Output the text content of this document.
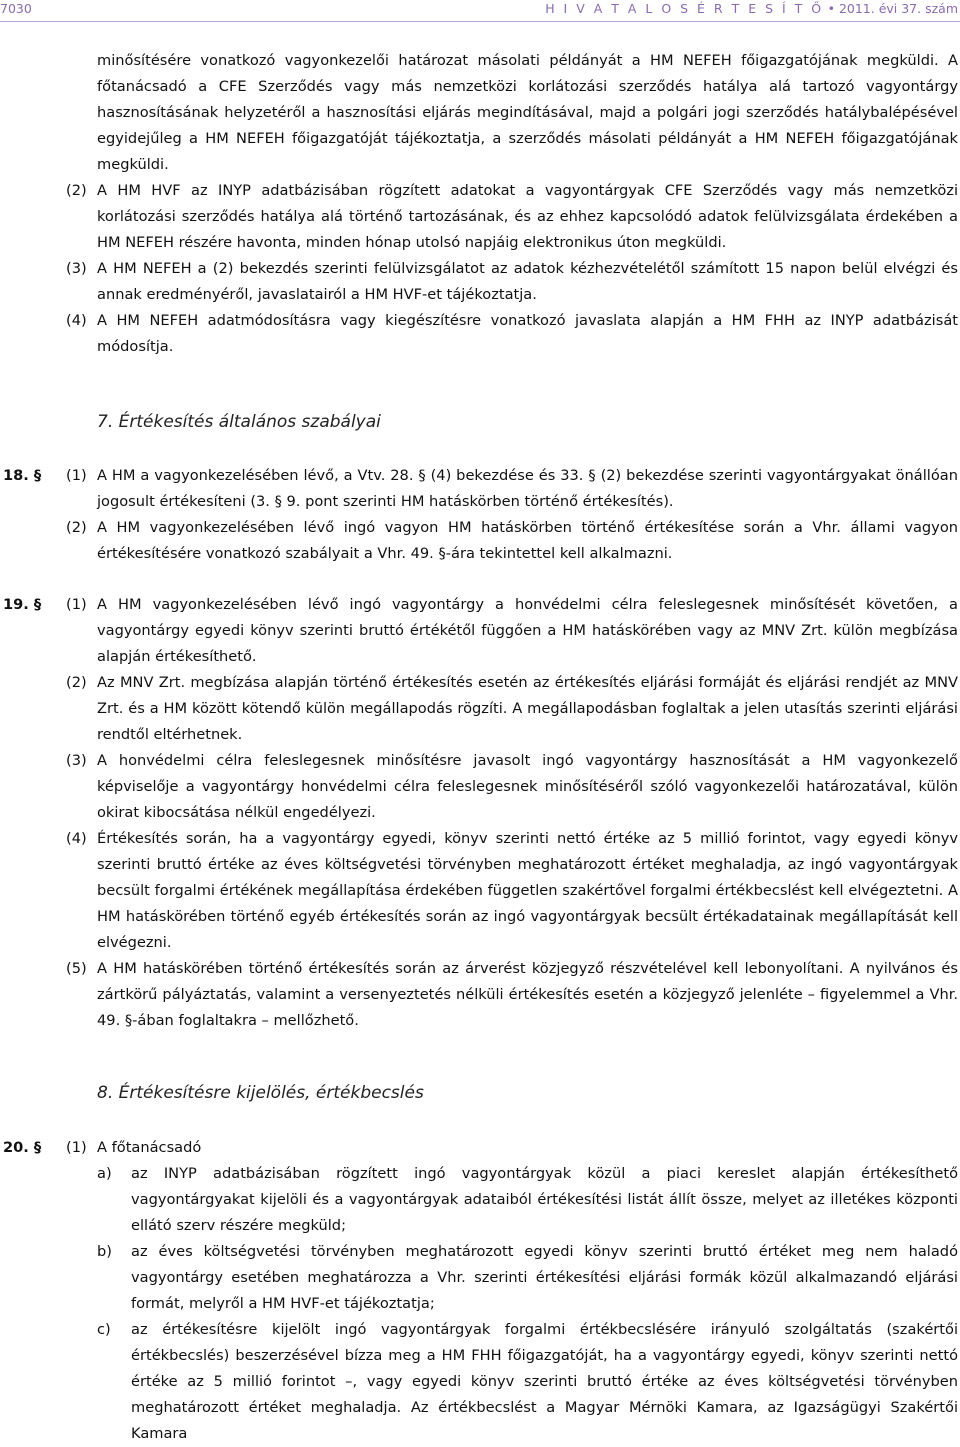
7030	H I V A T A L O S É R T E S Í T Ő • 2011. évi 37. szám

minősítésére vonatkozó vagyonkezelői határozat másolati példányát a HM NEFEH főigazgatójának megküldi. A főtanácsadó a CFE Szerződés vagy más nemzetközi korlátozási szerződés hatálya alá tartozó vagyontárgy hasznosításának helyzetéről a hasznosítási eljárás megindításával, majd a polgári jogi szerződés hatálybalépésével egyidejűleg a HM NEFEH főigazgatóját tájékoztatja, a szerződés másolati példányát a HM NEFEH főigazgatójának megküldi.

(2) A HM HVF az INYP adatbázisában rögzített adatokat a vagyontárgyak CFE Szerződés vagy más nemzetközi korlátozási szerződés hatálya alá történő tartozásának, és az ehhez kapcsolódó adatok felülvizsgálata érdekében a HM NEFEH részére havonta, minden hónap utolsó napjáig elektronikus úton megküldi.

(3) A HM NEFEH a (2) bekezdés szerinti felülvizsgálatot az adatok kézhezvételétől számított 15 napon belül elvégzi és annak eredményéről, javaslatairól a HM HVF-et tájékoztatja.

(4) A HM NEFEH adatmódosításra vagy kiegészítésre vonatkozó javaslata alapján a HM FHH az INYP adatbázisát módosítja.

7. Értékesítés általános szabályai
18. § (1) A HM a vagyonkezelésében lévő, a Vtv. 28. § (4) bekezdése és 33. § (2) bekezdése szerinti vagyontárgyakat önállóan jogosult értékesíteni (3. § 9. pont szerinti HM hatáskörben történő értékesítés).

(2) A HM vagyonkezelésében lévő ingó vagyon HM hatáskörben történő értékesítése során a Vhr. állami vagyon értékesítésére vonatkozó szabályait a Vhr. 49. §-ára tekintettel kell alkalmazni.

19. § (1) A HM vagyonkezelésében lévő ingó vagyontárgy a honvédelmi célra feleslegesnek minősítését követően, a vagyontárgy egyedi könyv szerinti bruttó értékétől függően a HM hatáskörében vagy az MNV Zrt. külön megbízása alapján értékesíthető.

(2) Az MNV Zrt. megbízása alapján történő értékesítés esetén az értékesítés eljárási formáját és eljárási rendjét az MNV Zrt. és a HM között kötendő külön megállapodás rögzíti. A megállapodásban foglaltak a jelen utasítás szerinti eljárási rendtől eltérhetnek.

(3) A honvédelmi célra feleslegesnek minősítésre javasolt ingó vagyontárgy hasznosítását a HM vagyonkezelő képviselője a vagyontárgy honvédelmi célra feleslegesnek minősítéséről szóló vagyonkezelői határozatával, külön okirat kibocsátása nélkül engedélyezi.

(4) Értékesítés során, ha a vagyontárgy egyedi, könyv szerinti nettó értéke az 5 millió forintot, vagy egyedi könyv szerinti bruttó értéke az éves költségvetési törvényben meghatározott értéket meghaladja, az ingó vagyontárgyak becsült forgalmi értékének megállapítása érdekében független szakértővel forgalmi értékbecslést kell elvégeztetni. A HM hatáskörében történő egyéb értékesítés során az ingó vagyontárgyak becsült értékadatainak megállapítását kell elvégezni.

(5) A HM hatáskörében történő értékesítés során az árverést közjegyző részvételével kell lebonyolítani. A nyilvános és zártkörű pályáztatás, valamint a versenyeztetés nélküli értékesítés esetén a közjegyző jelenléte – figyelemmel a Vhr. 49. §-ában foglaltakra – mellőzhető.

8. Értékesítésre kijelölés, értékbecslés
20. § (1) A főtanácsadó

a) az INYP adatbázisában rögzített ingó vagyontárgyak közül a piaci kereslet alapján értékesíthető vagyontárgyakat kijelöli és a vagyontárgyak adataiból értékesítési listát állít össze, melyet az illetékes központi ellátó szerv részére megküld;

b) az éves költségvetési törvényben meghatározott egyedi könyv szerinti bruttó értéket meg nem haladó vagyontárgy esetében meghatározza a Vhr. szerinti értékesítési eljárási formák közül alkalmazandó eljárási formát, melyről a HM HVF-et tájékoztatja;

c) az értékesítésre kijelölt ingó vagyontárgyak forgalmi értékbecslésére irányuló szolgáltatás (szakértői értékbecslés) beszerzésével bízza meg a HM FHH főigazgatóját, ha a vagyontárgy egyedi, könyv szerinti nettó értéke az 5 millió forintot –, vagy egyedi könyv szerinti bruttó értéke az éves költségvetési törvényben meghatározott értéket meghaladja. Az értékbecslést a Magyar Mérnöki Kamara, az Igazságügyi Szakértői Kamara
